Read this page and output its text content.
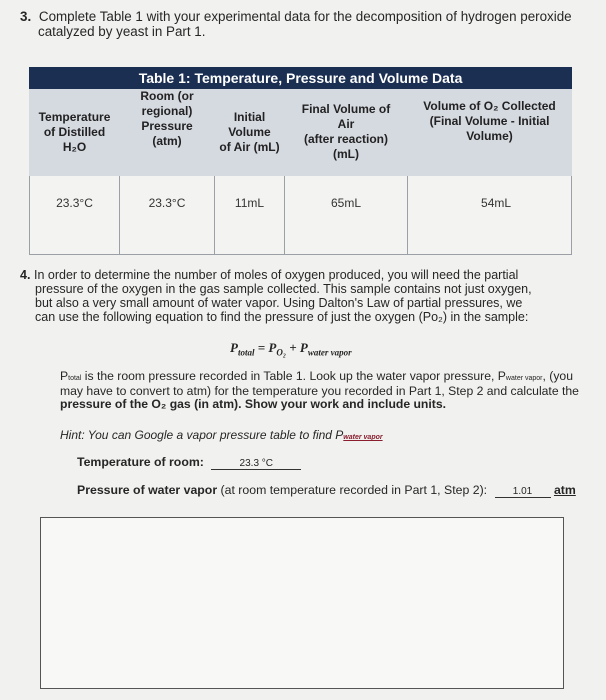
3. Complete Table 1 with your experimental data for the decomposition of hydrogen peroxide
catalyzed by yeast in Part 1.
Table 1: Temperature, Pressure and Volume Data				

Temperature
of Distilled
H₂O	Room (or
regional)
Pressure
(atm)	Initial
Volume
of Air (mL)	Final Volume of
Air
(after reaction)
(mL)	Volume of O₂ Collected
(Final Volume - Initial
Volume)

23.3°C	23.3°C	11mL	65mL	54mL

4. In order to determine the number of moles of oxygen produced, you will need the partial

pressure of the oxygen in the gas sample collected. This sample contains not just oxygen,

but also a very small amount of water vapor. Using Dalton's Law of partial pressures, we

can use the following equation to find the pressure of just the oxygen (Po₂) in the sample:

$P_{total} = P_{O_2} + P_{water vapor}$
Ptotal is the room pressure recorded in Table 1. Look up the water vapor pressure, Pwater vapor, (you may have to convert to atm) for the temperature you recorded in Part 1, Step 2 and calculate the pressure of the O₂ gas (in atm). Show your work and include units.
Hint: You can Google a vapor pressure table to find Pwater vapor
Temperature of room:	23.3 °C
Pressure of water vapor (at room temperature recorded in Part 1, Step 2):	1.01 atm
